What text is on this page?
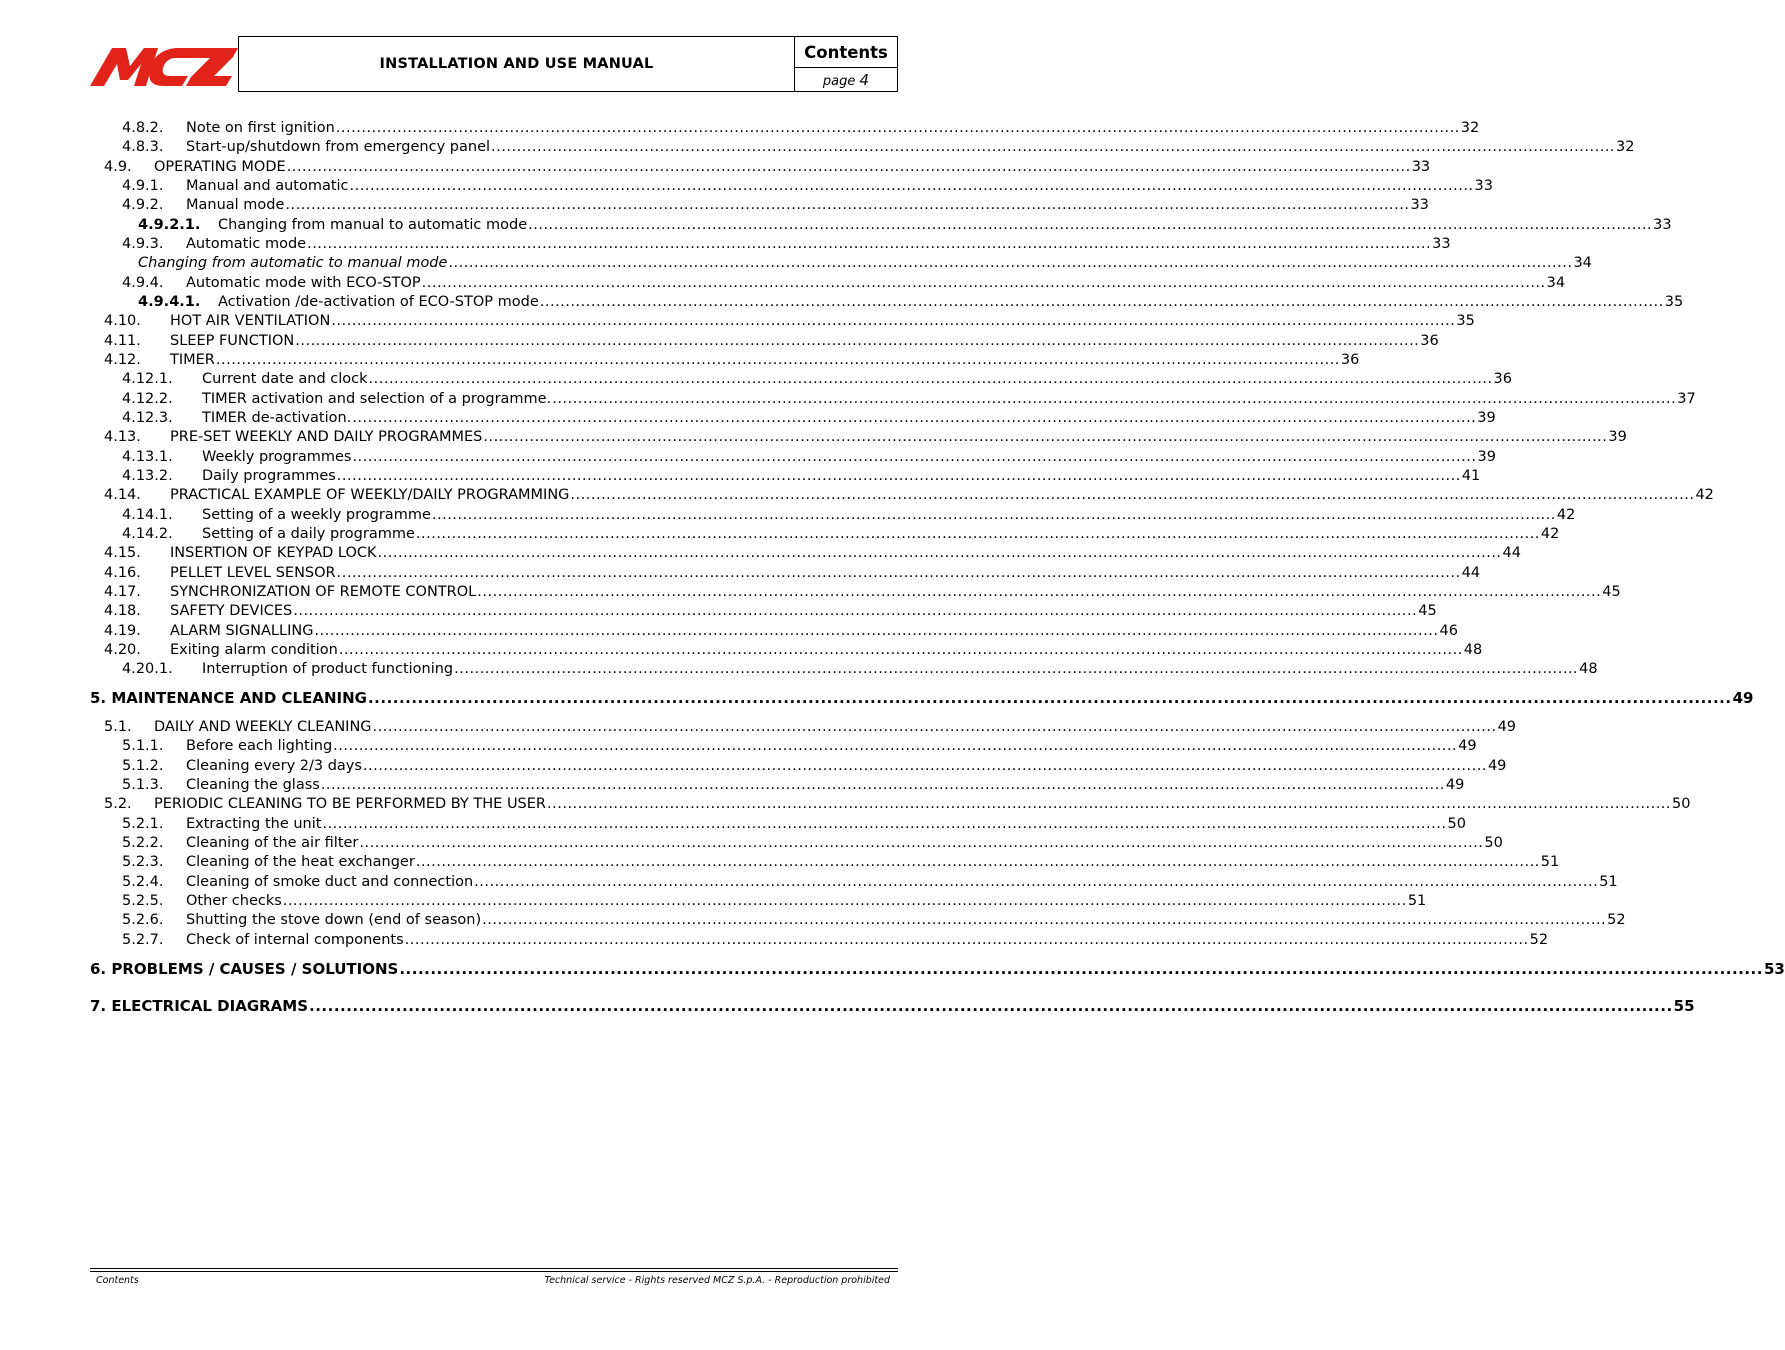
MCZ	INSTALLATION AND USE MANUAL
Contents
page 4
4.8.2.	Note on first ignition ............................................................................................................................................................................................................................ 32
4.8.3.	Start-up/shutdown from emergency panel ............................................................................................................................................................................................................................ 32
4.9.	OPERATING MODE ............................................................................................................................................................................................................................ 33
4.9.1.	Manual and automatic ............................................................................................................................................................................................................................ 33
4.9.2.	Manual mode ............................................................................................................................................................................................................................ 33
4.9.2.1.	Changing from manual to automatic mode ............................................................................................................................................................................................................................ 33
4.9.3.	Automatic mode ............................................................................................................................................................................................................................ 33
Changing from automatic to manual mode ............................................................................................................................................................................................................................ 34
4.9.4.	Automatic mode with ECO-STOP ............................................................................................................................................................................................................................ 34
4.9.4.1.	Activation /de-activation of ECO-STOP mode ............................................................................................................................................................................................................................ 35
4.10.	HOT AIR VENTILATION ............................................................................................................................................................................................................................ 35
4.11.	SLEEP FUNCTION ............................................................................................................................................................................................................................ 36
4.12.	TIMER ............................................................................................................................................................................................................................ 36
4.12.1.	Current date and clock ............................................................................................................................................................................................................................ 36
4.12.2.	TIMER activation and selection of a programme. ............................................................................................................................................................................................................................ 37
4.12.3.	TIMER de-activation. ............................................................................................................................................................................................................................ 39
4.13.	PRE-SET WEEKLY AND DAILY PROGRAMMES ............................................................................................................................................................................................................................ 39
4.13.1.	Weekly programmes ............................................................................................................................................................................................................................ 39
4.13.2.	Daily programmes ............................................................................................................................................................................................................................ 41
4.14.	PRACTICAL EXAMPLE OF WEEKLY/DAILY PROGRAMMING ............................................................................................................................................................................................................................ 42
4.14.1.	Setting of a weekly programme ............................................................................................................................................................................................................................ 42
4.14.2.	Setting of a daily programme ............................................................................................................................................................................................................................ 42
4.15.	INSERTION OF KEYPAD LOCK ............................................................................................................................................................................................................................ 44
4.16.	PELLET LEVEL SENSOR ............................................................................................................................................................................................................................ 44
4.17.	SYNCHRONIZATION OF REMOTE CONTROL ............................................................................................................................................................................................................................ 45
4.18.	SAFETY DEVICES ............................................................................................................................................................................................................................ 45
4.19.	ALARM SIGNALLING ............................................................................................................................................................................................................................ 46
4.20.	Exiting alarm condition ............................................................................................................................................................................................................................ 48
4.20.1.	Interruption of product functioning ............................................................................................................................................................................................................................ 48
5. MAINTENANCE AND CLEANING ............................................................................................................................................................................................................................ 49
5.1.	DAILY AND WEEKLY CLEANING ............................................................................................................................................................................................................................ 49
5.1.1.	Before each lighting ............................................................................................................................................................................................................................ 49
5.1.2.	Cleaning every 2/3 days ............................................................................................................................................................................................................................ 49
5.1.3.	Cleaning the glass ............................................................................................................................................................................................................................ 49
5.2.	PERIODIC CLEANING TO BE PERFORMED BY THE USER ............................................................................................................................................................................................................................ 50
5.2.1.	Extracting the unit ............................................................................................................................................................................................................................ 50
5.2.2.	Cleaning of the air filter ............................................................................................................................................................................................................................ 50
5.2.3.	Cleaning of the heat exchanger ............................................................................................................................................................................................................................ 51
5.2.4.	Cleaning of smoke duct and connection ............................................................................................................................................................................................................................ 51
5.2.5.	Other checks ............................................................................................................................................................................................................................ 51
5.2.6.	Shutting the stove down (end of season) ............................................................................................................................................................................................................................ 52
5.2.7.	Check of internal components ............................................................................................................................................................................................................................ 52
6. PROBLEMS / CAUSES / SOLUTIONS ............................................................................................................................................................................................................................ 53
7. ELECTRICAL DIAGRAMS ............................................................................................................................................................................................................................ 55
Contents	Technical service - Rights reserved MCZ S.p.A. - Reproduction prohibited
